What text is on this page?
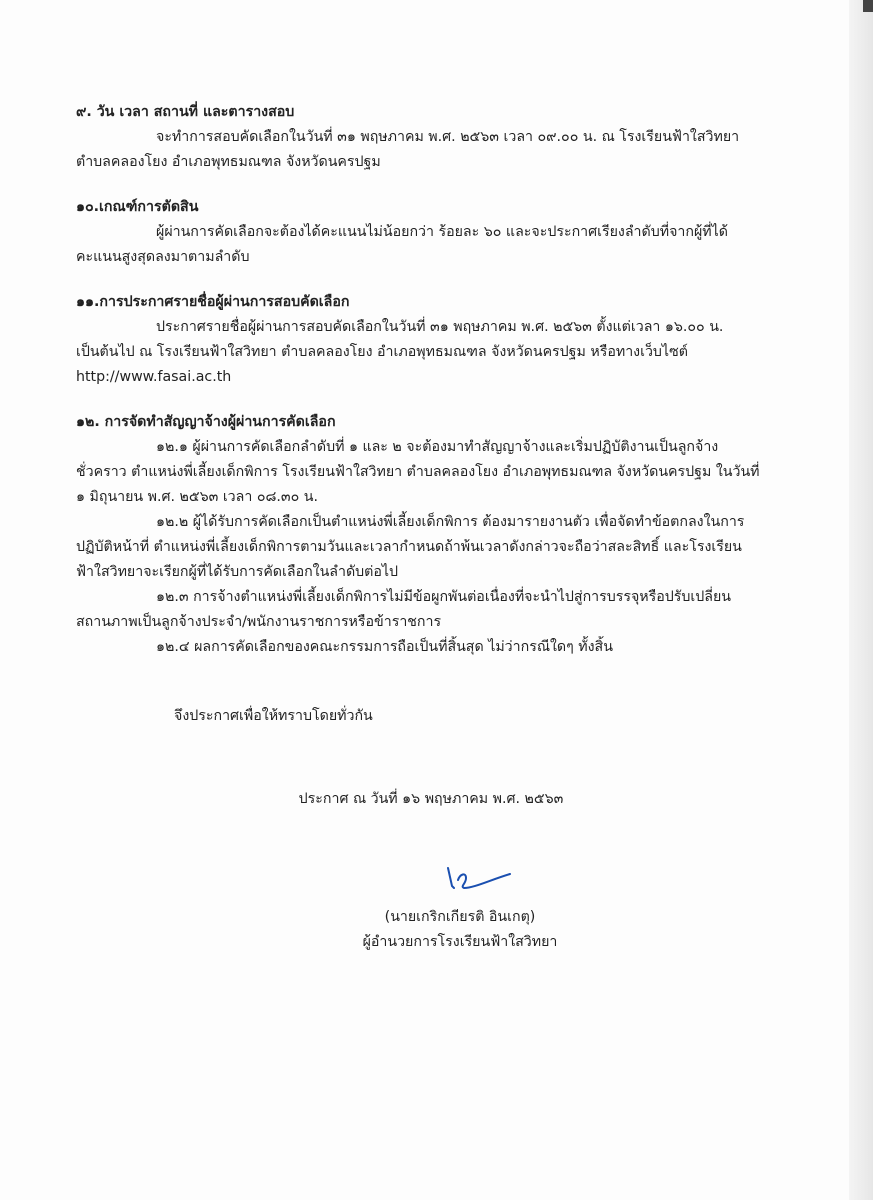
๙. วัน เวลา สถานที่ และตารางสอบ
จะทำการสอบคัดเลือกในวันที่ ๓๑ พฤษภาคม พ.ศ. ๒๕๖๓ เวลา ๐๙.๐๐ น. ณ โรงเรียนฟ้าใสวิทยา
ตำบลคลองโยง อำเภอพุทธมณฑล จังหวัดนครปฐม
๑๐.เกณฑ์การตัดสิน
ผู้ผ่านการคัดเลือกจะต้องได้คะแนนไม่น้อยกว่า ร้อยละ ๖๐ และจะประกาศเรียงลำดับที่จากผู้ที่ได้
คะแนนสูงสุดลงมาตามลำดับ
๑๑.การประกาศรายชื่อผู้ผ่านการสอบคัดเลือก
ประกาศรายชื่อผู้ผ่านการสอบคัดเลือกในวันที่ ๓๑ พฤษภาคม พ.ศ. ๒๕๖๓ ตั้งแต่เวลา ๑๖.๐๐ น.
เป็นต้นไป ณ โรงเรียนฟ้าใสวิทยา ตำบลคลองโยง อำเภอพุทธมณฑล จังหวัดนครปฐม หรือทางเว็บไซต์
http://www.fasai.ac.th
๑๒. การจัดทำสัญญาจ้างผู้ผ่านการคัดเลือก
๑๒.๑ ผู้ผ่านการคัดเลือกลำดับที่ ๑ และ ๒ จะต้องมาทำสัญญาจ้างและเริ่มปฏิบัติงานเป็นลูกจ้าง
ชั่วคราว ตำแหน่งพี่เลี้ยงเด็กพิการ โรงเรียนฟ้าใสวิทยา ตำบลคลองโยง อำเภอพุทธมณฑล จังหวัดนครปฐม ในวันที่
๑ มิถุนายน พ.ศ. ๒๕๖๓ เวลา ๐๘.๓๐ น.
๑๒.๒ ผู้ได้รับการคัดเลือกเป็นตำแหน่งพี่เลี้ยงเด็กพิการ ต้องมารายงานตัว เพื่อจัดทำข้อตกลงในการ
ปฏิบัติหน้าที่ ตำแหน่งพี่เลี้ยงเด็กพิการตามวันและเวลากำหนดถ้าพ้นเวลาดังกล่าวจะถือว่าสละสิทธิ์ และโรงเรียน
ฟ้าใสวิทยาจะเรียกผู้ที่ได้รับการคัดเลือกในลำดับต่อไป
๑๒.๓ การจ้างตำแหน่งพี่เลี้ยงเด็กพิการไม่มีข้อผูกพันต่อเนื่องที่จะนำไปสู่การบรรจุหรือปรับเปลี่ยน
สถานภาพเป็นลูกจ้างประจำ/พนักงานราชการหรือข้าราชการ
๑๒.๔ ผลการคัดเลือกของคณะกรรมการถือเป็นที่สิ้นสุด ไม่ว่ากรณีใดๆ ทั้งสิ้น
จึงประกาศเพื่อให้ทราบโดยทั่วกัน
ประกาศ ณ วันที่ ๑๖ พฤษภาคม พ.ศ. ๒๕๖๓
(นายเกริกเกียรติ อินเกตุ)
ผู้อำนวยการโรงเรียนฟ้าใสวิทยา
